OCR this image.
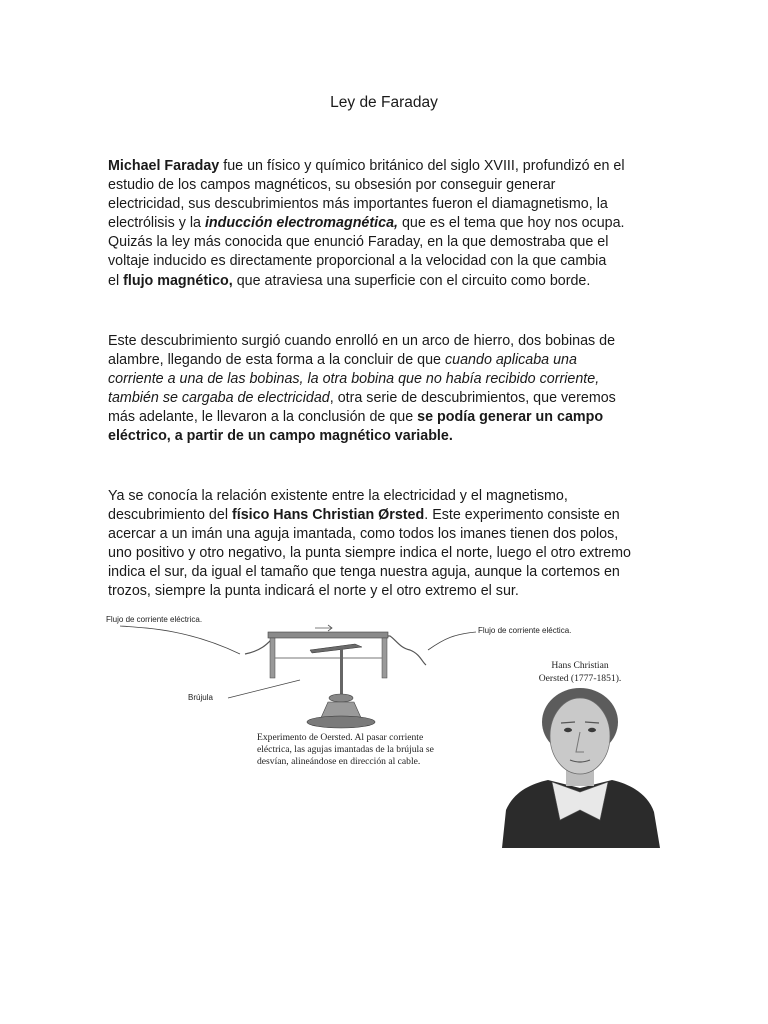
Ley de Faraday

Michael Faraday fue un físico y químico británico del siglo XVIII, profundizó en el
estudio de los campos magnéticos, su obsesión por conseguir generar
electricidad, sus descubrimientos más importantes fueron el diamagnetismo, la
electrólisis y la inducción electromagnética, que es el tema que hoy nos ocupa.
Quizás la ley más conocida que enunció Faraday, en la que demostraba que el
voltaje inducido es directamente proporcional a la velocidad con la que cambia
el flujo magnético, que atraviesa una superficie con el circuito como borde.

Este descubrimiento surgió cuando enrolló en un arco de hierro, dos bobinas de
alambre, llegando de esta forma a la concluir de que cuando aplicaba una
corriente a una de las bobinas, la otra bobina que no había recibido corriente,
también se cargaba de electricidad, otra serie de descubrimientos, que veremos
más adelante, le llevaron a la conclusión de que se podía generar un campo
eléctrico, a partir de un campo magnético variable.

Ya se conocía la relación existente entre la electricidad y el magnetismo,
descubrimiento del físico Hans Christian Ørsted. Este experimento consiste en
acercar a un imán una aguja imantada, como todos los imanes tienen dos polos,
uno positivo y otro negativo, la punta siempre indica el norte, luego el otro extremo
indica el sur, da igual el tamaño que tenga nuestra aguja, aunque la cortemos en
trozos, siempre la punta indicará el norte y el otro extremo el sur.

Flujo de corriente eléctrica.
Flujo de corriente eléctica.
Brújula
Experimento de Oersted. Al pasar corriente
eléctrica, las agujas imantadas de la brújula se
desvían, alineándose en dirección al cable.
Hans Christian
Oersted (1777-1851).
